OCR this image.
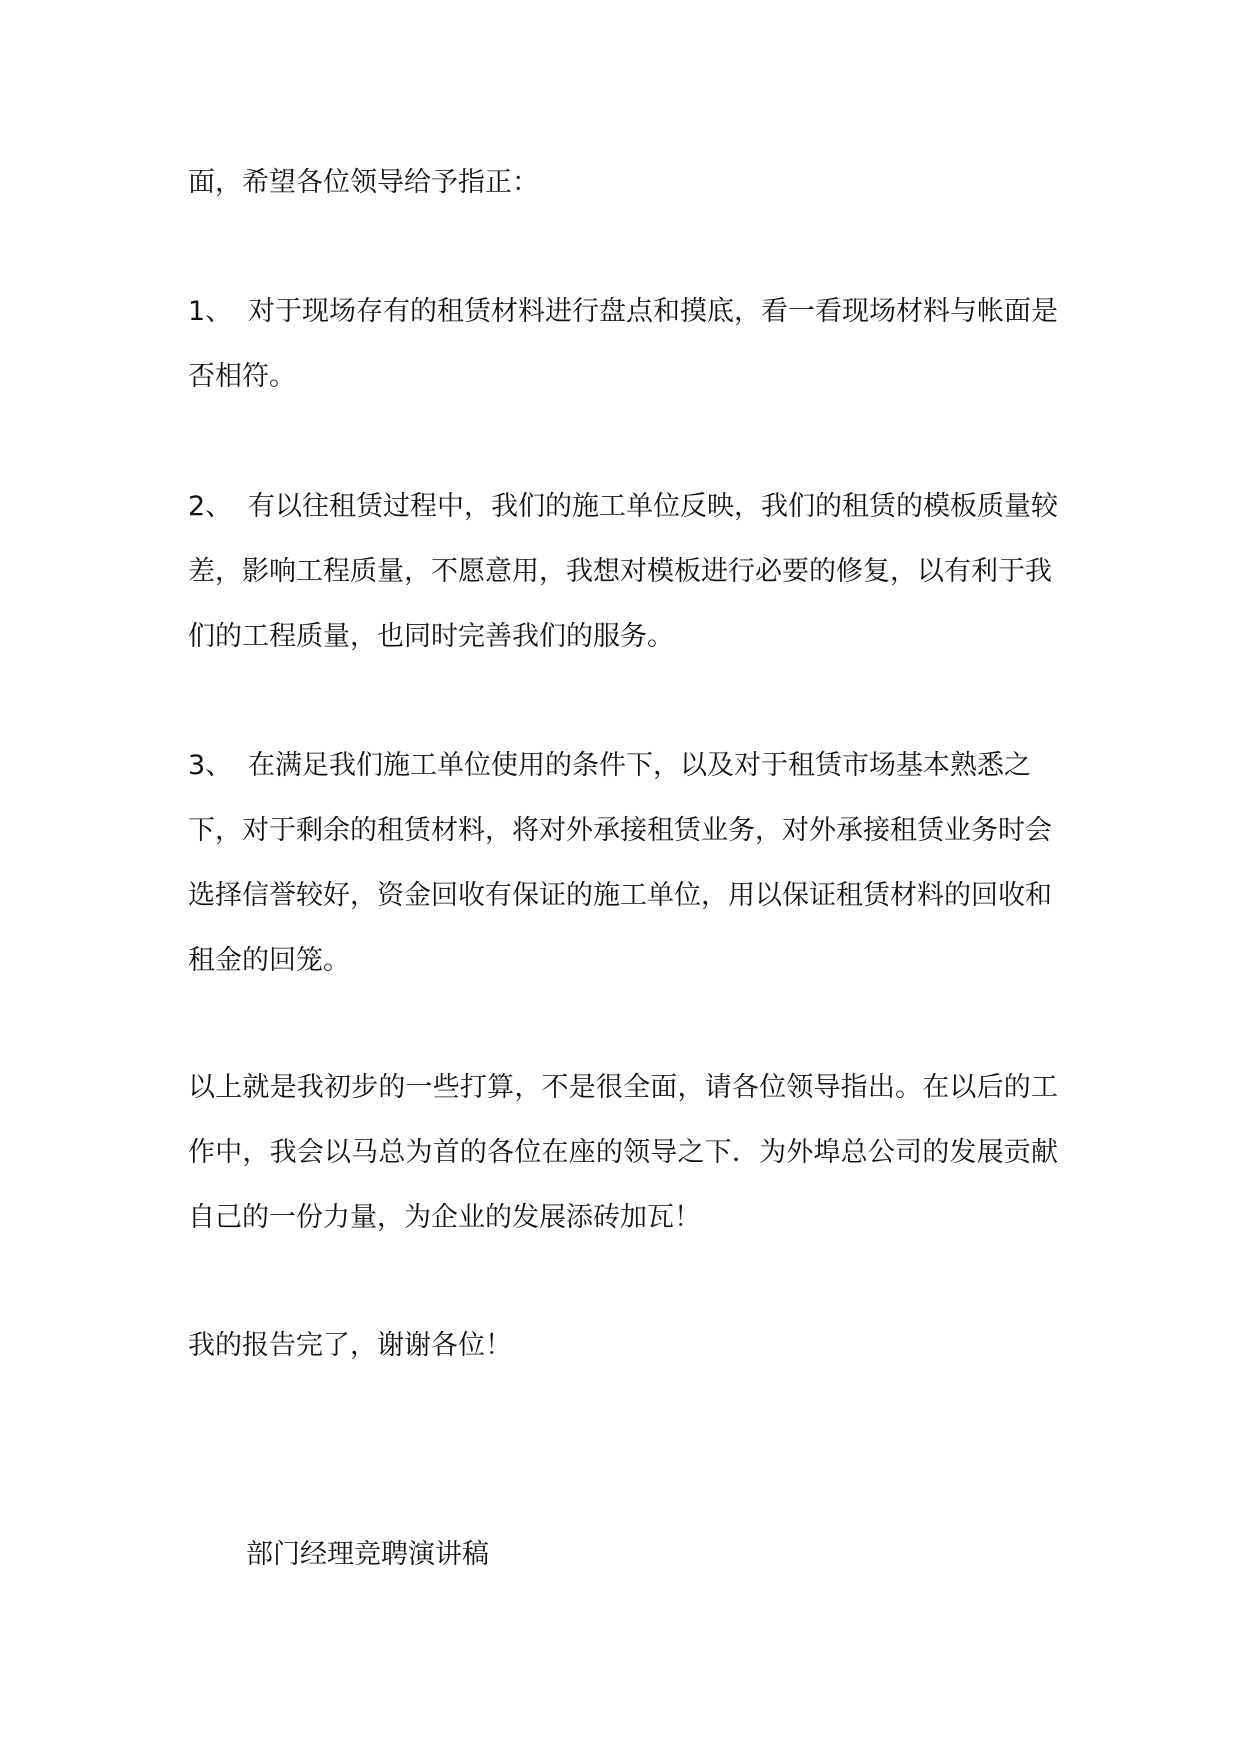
面，希望各位领导给予指正：

1、 对于现场存有的租赁材料进行盘点和摸底，看一看现场材料与帐面是否相符。

2、 有以往租赁过程中，我们的施工单位反映，我们的租赁的模板质量较差，影响工程质量，不愿意用，我想对模板进行必要的修复，以有利于我们的工程质量，也同时完善我们的服务。

3、 在满足我们施工单位使用的条件下，以及对于租赁市场基本熟悉之下，对于剩余的租赁材料，将对外承接租赁业务，对外承接租赁业务时会选择信誉较好，资金回收有保证的施工单位，用以保证租赁材料的回收和租金的回笼。

以上就是我初步的一些打算，不是很全面，请各位领导指出。在以后的工作中，我会以马总为首的各位在座的领导之下．为外埠总公司的发展贡献自己的一份力量，为企业的发展添砖加瓦！

我的报告完了，谢谢各位！

部门经理竞聘演讲稿
